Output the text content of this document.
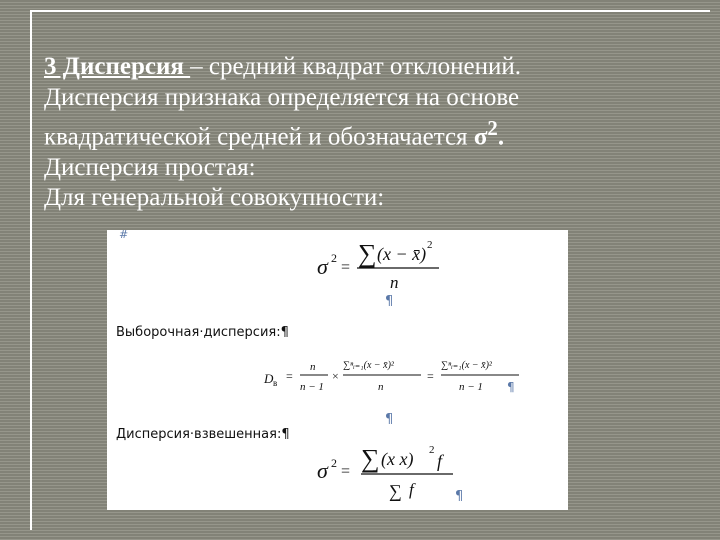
3 Дисперсия – средний квадрат отклонений.
Дисперсия признака определяется на основе
квадратической средней и обозначается $\sigma^2$.
Дисперсия простая:
Для генеральной совокупности:
#
σ 2
= ∑ (x − x̄) 2
n
¶
D в =
n
n − 1
×
∑ⁿᵢ₌₁(x − x̄)²
n
=
∑ⁿᵢ₌₁(x − x̄)²
n − 1 ¶
¶
σ 2 = ∑ (x x) 2
f
∑ f	¶
Выборочная·дисперсия:¶
Дисперсия·взвешенная:¶
